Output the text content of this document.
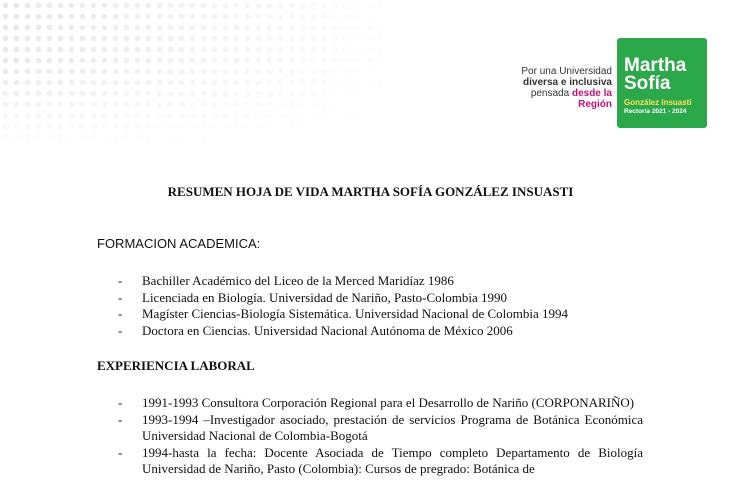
Por una Universidad
diversa e inclusiva
pensada desde la Región
Martha
Sofía
González Insuasti
Rectoría 2021 - 2024
RESUMEN HOJA DE VIDA MARTHA SOFÍA GONZÁLEZ INSUASTI
FORMACION ACADEMICA:
- Bachiller Académico del Liceo de la Merced Maridíaz 1986
- Licenciada en Biología. Universidad de Nariño, Pasto-Colombia 1990
- Magíster Ciencias-Biología Sistemática. Universidad Nacional de Colombia 1994
- Doctora en Ciencias. Universidad Nacional Autónoma de México 2006
EXPERIENCIA LABORAL
- 1991-1993 Consultora Corporación Regional para el Desarrollo de Nariño (CORPONARIÑO)
- 1993-1994 –Investigador asociado, prestación de servicios Programa de Botánica Económica Universidad Nacional de Colombia-Bogotá
- 1994-hasta la fecha: Docente Asociada de Tiempo completo Departamento de Biología Universidad de Nariño, Pasto (Colombia): Cursos de pregrado: Botánica de
